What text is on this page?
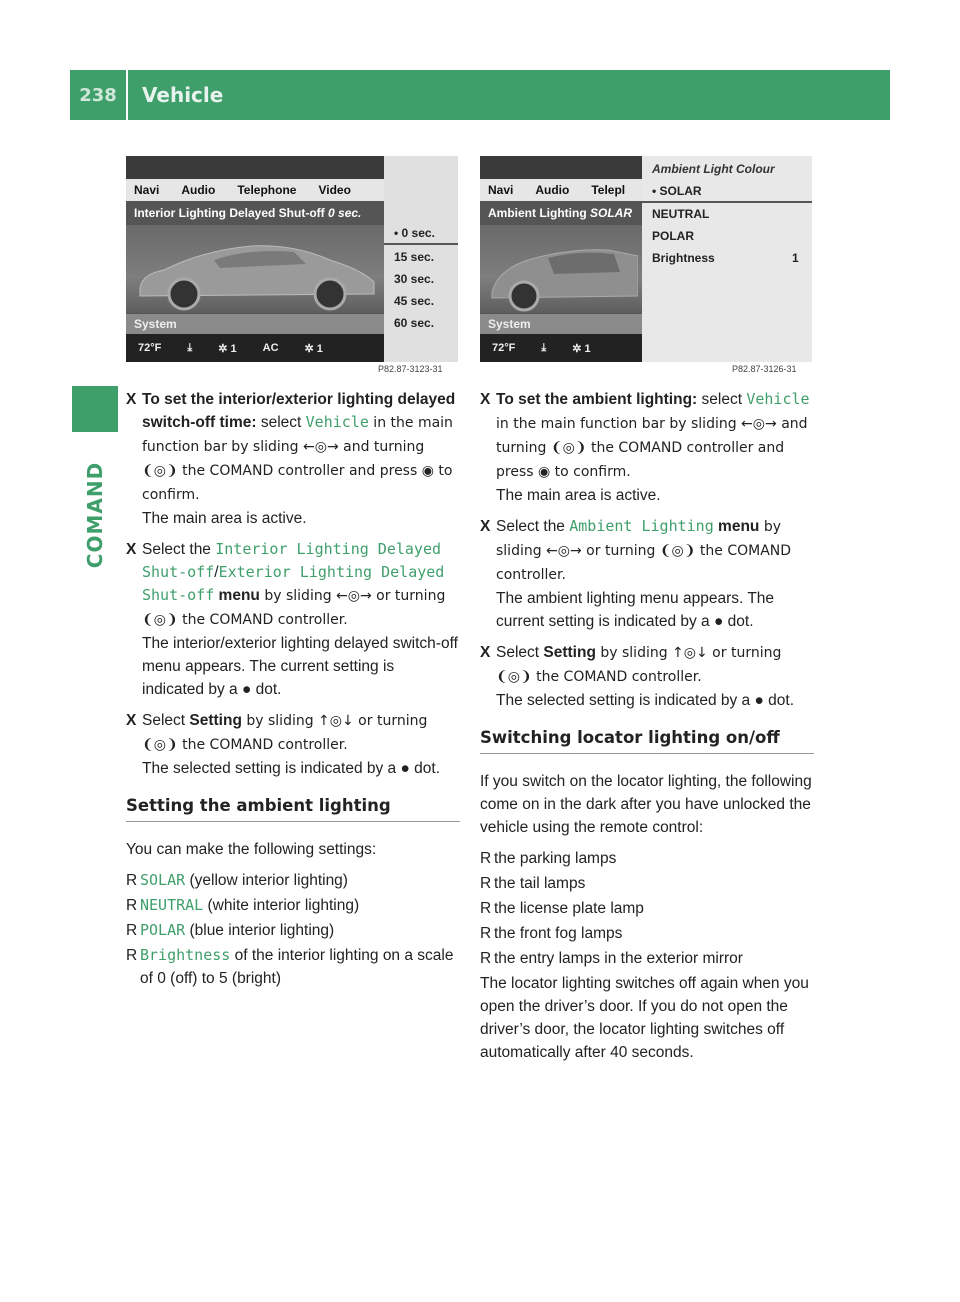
238	Vehicle
COMAND
Navi Audio Telephone Video
Interior Lighting Delayed Shut-off 0 sec.
System
72°F ⤓ ✲ 1 AC ✲ 1
• 0 sec.
15 sec.
30 sec.
45 sec.
60 sec.
P82.87-3123-31
Navi Audio Telepl
Ambient Lighting SOLAR
System
72°F ⤓ ✲ 1
Ambient Light Colour
• SOLAR
NEUTRAL
POLAR
Brightness	1
P82.87-3126-31
X To set the interior/exterior lighting delayed switch-off time: select Vehicle in the main function bar by sliding ←◎→ and turning ❨◎❩ the COMAND controller and press ◉ to confirm.
The main area is active.
X Select the Interior Lighting Delayed Shut-off/Exterior Lighting Delayed Shut-off menu by sliding ←◎→ or turning ❨◎❩ the COMAND controller.
The interior/exterior lighting delayed switch-off menu appears. The current setting is indicated by a ● dot.
X Select Setting by sliding ↑◎↓ or turning ❨◎❩ the COMAND controller.
The selected setting is indicated by a ● dot.
Setting the ambient lighting

You can make the following settings:

R SOLAR (yellow interior lighting)
R NEUTRAL (white interior lighting)
R POLAR (blue interior lighting)
R Brightness of the interior lighting on a scale of 0 (off) to 5 (bright)
X To set the ambient lighting: select Vehicle in the main function bar by sliding ←◎→ and turning ❨◎❩ the COMAND controller and press ◉ to confirm.
The main area is active.
X Select the Ambient Lighting menu by sliding ←◎→ or turning ❨◎❩ the COMAND controller.
The ambient lighting menu appears. The current setting is indicated by a ● dot.
X Select Setting by sliding ↑◎↓ or turning ❨◎❩ the COMAND controller.
The selected setting is indicated by a ● dot.
Switching locator lighting on/off

If you switch on the locator lighting, the following come on in the dark after you have unlocked the vehicle using the remote control:

R the parking lamps
R the tail lamps
R the license plate lamp
R the front fog lamps
R the entry lamps in the exterior mirror

The locator lighting switches off again when you open the driver’s door. If you do not open the driver’s door, the locator lighting switches off automatically after 40 seconds.
